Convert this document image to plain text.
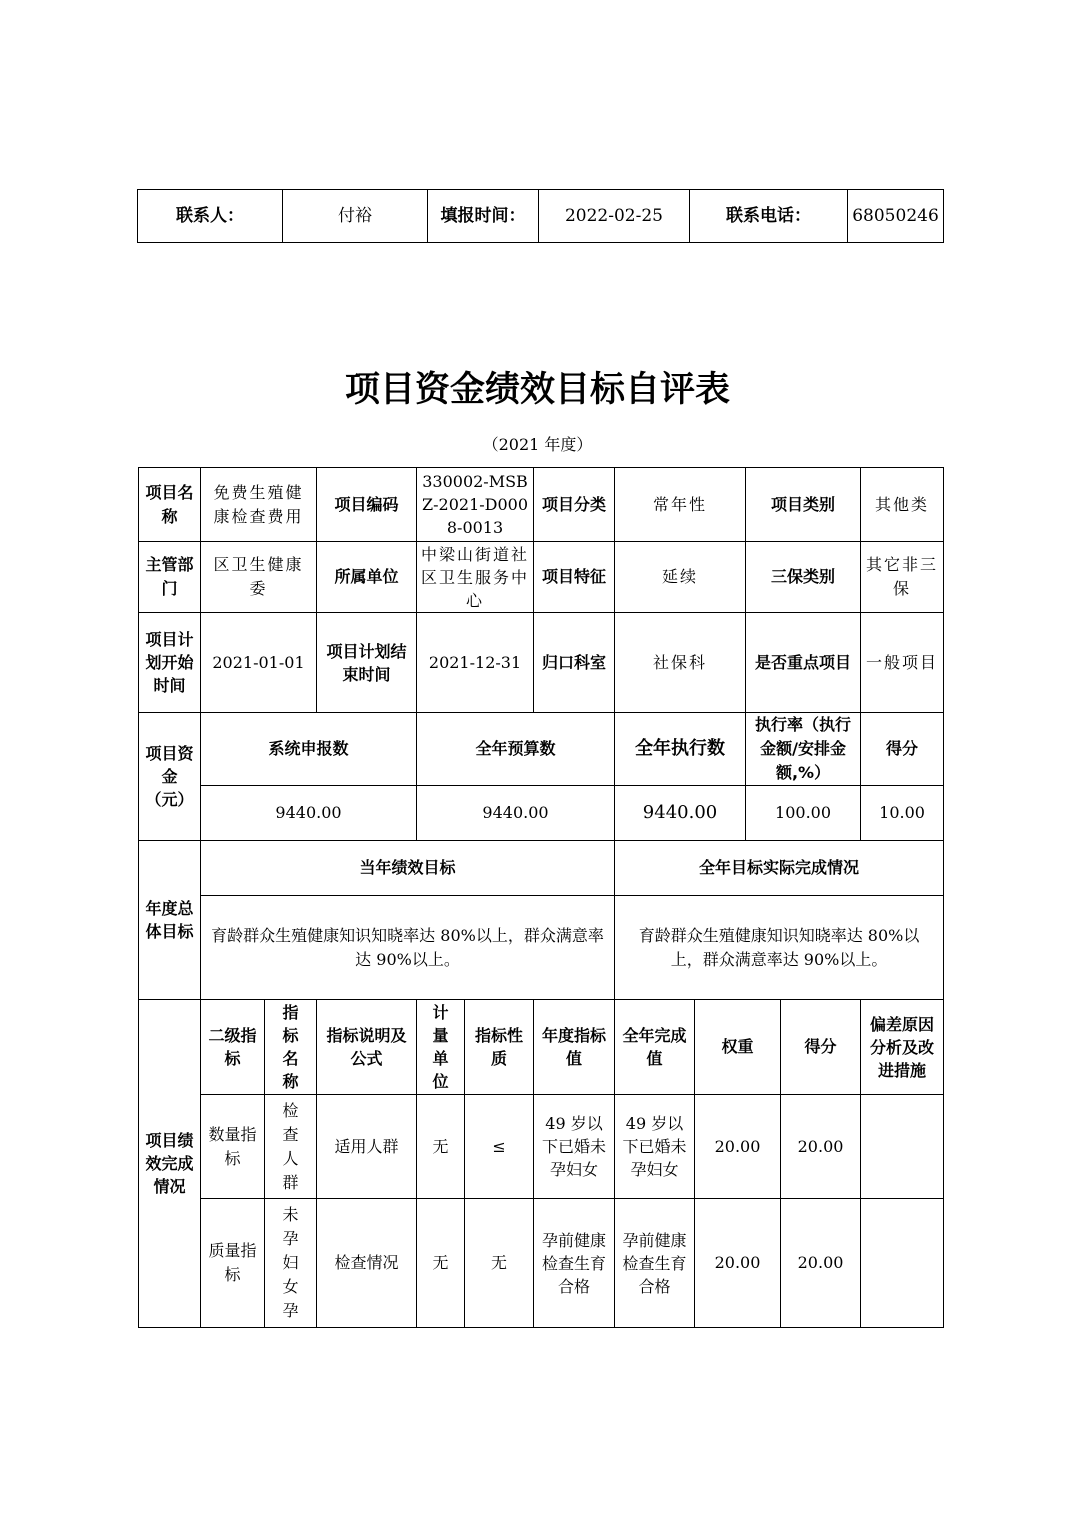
联系人：	付裕	填报时间：	2022-02-25	联系电话：	68050246
项目资金绩效目标自评表
（2021 年度）
项目名称	免费生殖健康检查费用		项目编码	330002-MSBZ-2021-D0008-0013		项目分类	常年性		项目类别		其他类
主管部门	区卫生健康委		所属单位	中梁山街道社区卫生服务中心		项目特征	延续		三保类别		其它非三保
项目计划开始时间	2021-01-01		项目计划结束时间	2021-12-31		归口科室	社保科		是否重点项目		一般项目
项目资金（元）	系统申报数			全年预算数			全年执行数		执行率（执行金额/安排金额,%）		得分
	9440.00			9440.00			9440.00		100.00		10.00
年度总体目标	当年绩效目标						全年目标实际完成情况				
	育龄群众生殖健康知识知晓率达 80%以上，群众满意率达 90%以上。						育龄群众生殖健康知识知晓率达 80%以上，群众满意率达 90%以上。				
项目绩效完成情况	二级指标	指标名称	指标说明及公式	计量单位	指标性质	年度指标值	全年完成值	权重		得分	偏差原因分析及改进措施
	数量指标	检查人群	适用人群	无	≤	49 岁以下已婚未孕妇女	49 岁以下已婚未孕妇女	20.00		20.00	
	质量指标	未孕妇女孕	检查情况	无	无	孕前健康检查生育合格	孕前健康检查生育合格	20.00		20.00	
